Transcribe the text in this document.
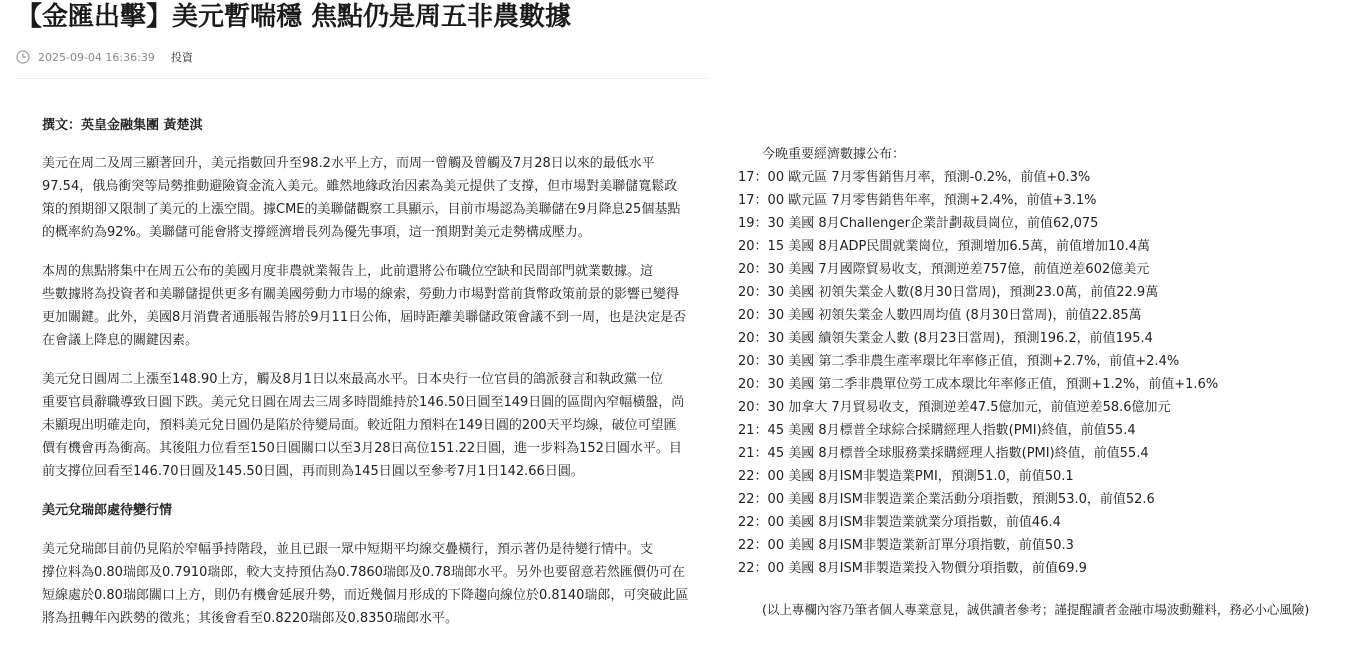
【金匯出擊】美元暫喘穩 焦點仍是周五非農數據
2025-09-04 16:36:39 投資

撰文：英皇金融集團 黃楚淇

美元在周二及周三顯著回升，美元指數回升至98.2水平上方，而周一曾觸及曾觸及7月28日以來的最低水平
97.54，俄烏衝突等局勢推動避險資金流入美元。雖然地緣政治因素為美元提供了支撐，但市場對美聯儲寬鬆政
策的預期卻又限制了美元的上漲空間。據CME的美聯儲觀察工具顯示，目前市場認為美聯儲在9月降息25個基點
的概率約為92%。美聯儲可能會將支撐經濟增長列為優先事項，這一預期對美元走勢構成壓力。

本周的焦點將集中在周五公布的美國月度非農就業報告上，此前還將公布職位空缺和民間部門就業數據。這
些數據將為投資者和美聯儲提供更多有關美國勞動力市場的線索，勞動力市場對當前貨幣政策前景的影響已變得
更加關鍵。此外，美國8月消費者通脹報告將於9月11日公佈，屆時距離美聯儲政策會議不到一周，也是決定是否
在會議上降息的關鍵因素。

美元兌日圓周二上漲至148.90上方，觸及8月1日以來最高水平。日本央行一位官員的鴿派發言和執政黨一位
重要官員辭職導致日圓下跌。美元兌日圓在周去三周多時間維持於146.50日圓至149日圓的區間內窄幅橫盤，尚
未顯現出明確走向，預料美元兌日圓仍是陷於待變局面。較近阻力預料在149日圓的200天平均線，破位可望匯
價有機會再為衝高。其後阻力位看至150日圓關口以至3月28日高位151.22日圓，進一步料為152日圓水平。目
前支撐位回看至146.70日圓及145.50日圓，再而則為145日圓以至參考7月1日142.66日圓。

美元兌瑞郎處待變行情

美元兌瑞郎目前仍見陷於窄幅爭持階段，並且已跟一眾中短期平均線交疊橫行，預示著仍是待變行情中。支
撐位料為0.80瑞郎及0.7910瑞郎，較大支持預估為0.7860瑞郎及0.78瑞郎水平。另外也要留意若然匯價仍可在
短線處於0.80瑞郎關口上方，則仍有機會延展升勢，而近幾個月形成的下降趨向線位於0.8140瑞郎，可突破此區
將為扭轉年內跌勢的徵兆；其後會看至0.8220瑞郎及0.8350瑞郎水平。

今晚重要經濟數據公布：
17：00 歐元區 7月零售銷售月率，預測-0.2%，前值+0.3%
17：00 歐元區 7月零售銷售年率，預測+2.4%，前值+3.1%
19：30 美國 8月Challenger企業計劃裁員崗位，前值62,075
20：15 美國 8月ADP民間就業崗位，預測增加6.5萬，前值增加10.4萬
20：30 美國 7月國際貿易收支，預測逆差757億，前值逆差602億美元
20：30 美國 初領失業金人數(8月30日當周)，預測23.0萬，前值22.9萬
20：30 美國 初領失業金人數四周均值 (8月30日當周)，前值22.85萬
20：30 美國 續領失業金人數 (8月23日當周)，預測196.2，前值195.4
20：30 美國 第二季非農生產率環比年率修正值，預測+2.7%，前值+2.4%
20：30 美國 第二季非農單位勞工成本環比年率修正值，預測+1.2%，前值+1.6%
20：30 加拿大 7月貿易收支，預測逆差47.5億加元，前值逆差58.6億加元
21：45 美國 8月標普全球綜合採購經理人指數(PMI)終值，前值55.4
21：45 美國 8月標普全球服務業採購經理人指數(PMI)終值，前值55.4
22：00 美國 8月ISM非製造業PMI，預測51.0，前值50.1
22：00 美國 8月ISM非製造業企業活動分項指數，預測53.0，前值52.6
22：00 美國 8月ISM非製造業就業分項指數，前值46.4
22：00 美國 8月ISM非製造業新訂單分項指數，前值50.3
22：00 美國 8月ISM非製造業投入物價分項指數，前值69.9
(以上專欄內容乃筆者個人專業意見，誠供讀者參考；謹提醒讀者金融市場波動難料，務必小心風險)
